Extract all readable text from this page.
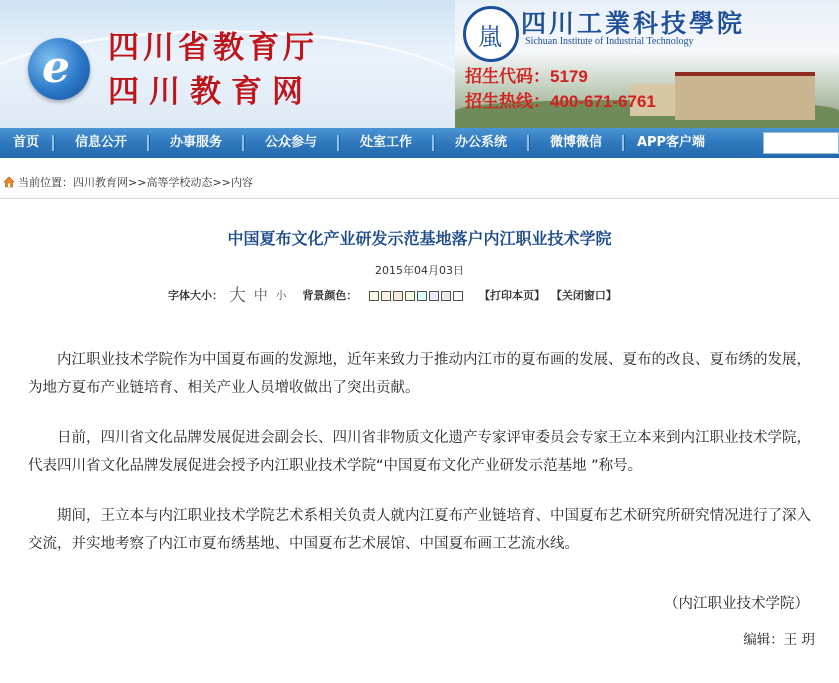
e 四川省教育厅
四川教育网
嵐 四川工業科技學院
Sichuan Institute of Industrial Technology
招生代码：5179
招生热线：400-671-6761
首页	信息公开	办事服务	公众参与	处室工作	办公系统	微博微信	APP客户端
当前位置：四川教育网>>高等学校动态>>内容
中国夏布文化产业研发示范基地落户内江职业技术学院
2015年04月03日
字体大小： 大 中 小 背景颜色：	【打印本页】 【关闭窗口】

内江职业技术学院作为中国夏布画的发源地，近年来致力于推动内江市的夏布画的发展、夏布的改良、夏布绣的发展，为地方夏布产业链培育、相关产业人员增收做出了突出贡献。

日前，四川省文化品牌发展促进会副会长、四川省非物质文化遗产专家评审委员会专家王立本来到内江职业技术学院，代表四川省文化品牌发展促进会授予内江职业技术学院“中国夏布文化产业研发示范基地 ”称号。

期间，王立本与内江职业技术学院艺术系相关负责人就内江夏布产业链培育、中国夏布艺术研究所研究情况进行了深入交流，并实地考察了内江市夏布绣基地、中国夏布艺术展馆、中国夏布画工艺流水线。

（内江职业技术学院）
编辑：王 玥
